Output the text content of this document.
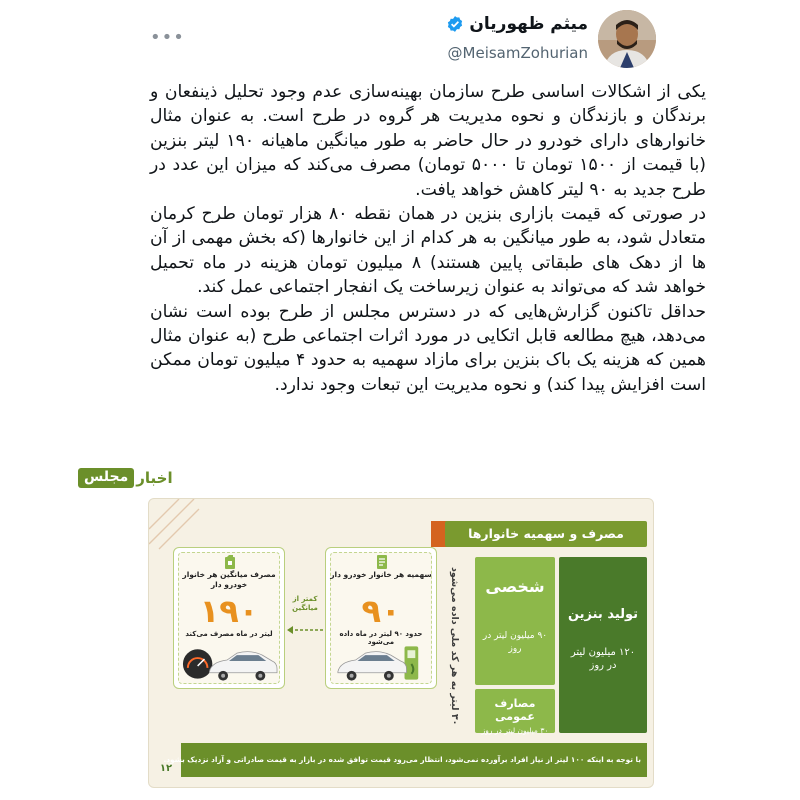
•••
میثم ظهوریان
@MeisamZohurian

یکی از اشکالات اساسی طرح سازمان بهینه‌سازی عدم وجود تحلیل ذینفعان و برندگان و بازندگان و نحوه مدیریت هر گروه در طرح است. به عنوان مثال خانوارهای دارای خودرو در حال حاضر به طور میانگین ماهیانه ۱۹۰ لیتر بنزین (با قیمت از ۱۵۰۰ تومان تا ۵۰۰۰ تومان) مصرف می‌کند که میزان این عدد در طرح جدید به ۹۰ لیتر کاهش خواهد یافت.

در صورتی که قیمت بازاری بنزین در همان نقطه ۸۰ هزار تومان طرح کرمان متعادل شود، به طور میانگین به هر کدام از این خانوارها (که بخش مهمی از آن ها از دهک های طبقاتی پایین هستند) ۸ میلیون تومان هزینه در ماه تحمیل خواهد شد که می‌تواند به عنوان زیرساخت یک انفجار اجتماعی عمل کند.

حداقل تاکنون گزارش‌هایی که در دسترس مجلس از طرح بوده است نشان می‌دهد، هیچ مطالعه قابل اتکایی در مورد اثرات اجتماعی طرح (به عنوان مثال همین که هزینه یک باک بنزین برای مازاد سهمیه به حدود ۴ میلیون تومان ممکن است افزایش پیدا کند) و نحوه مدیریت این تبعات وجود ندارد.

اخبار
مجلس
مصرف و سهمیه خانوارها
تولید بنزین
۱۲۰ میلیون لیتر در روز
شخصی
۹۰ میلیون لیتر در روز
مصارف عمومی
۳۰ میلیون لیتر در روز
۳۰ لیتر به هر کد ملی داده می‌شود
سهمیه هر خانوار خودرو دار
۹۰
حدود ۹۰ لیتر در ماه داده می‌شود
کمتر از میانگین
مصرف میانگین هر خانوار خودرو دار
۱۹۰
لیتر در ماه مصرف می‌کند
با توجه به اینکه ۱۰۰ لیتر از نیاز افراد برآورده نمی‌شود، انتظار می‌رود قیمت توافق شده در بازار به قیمت صادراتی و آزاد نزدیک بشود.
۱۲
